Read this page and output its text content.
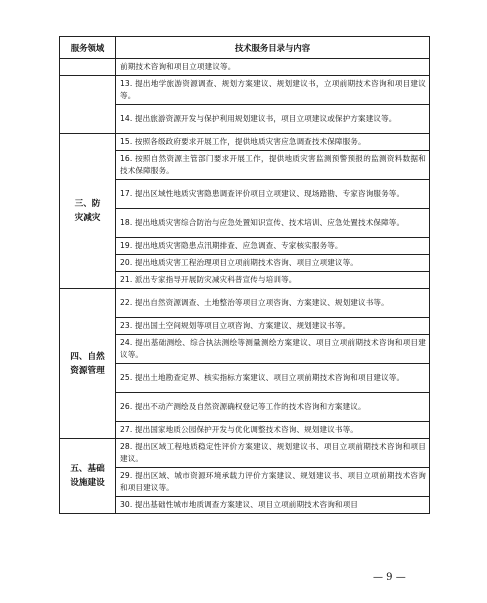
服务领域	技术服务目录与内容
	前期技术咨询和项目立项建议等。
	13. 提出地学旅游资源调查、规划方案建议、规划建议书，立项前期技术咨询和项目建议等。
	14. 提出旅游资源开发与保护利用规划建议书，项目立项建议或保护方案建议等。
三、防
灾减灾	15. 按照各级政府要求开展工作，提供地质灾害应急调查技术保障服务。
	16. 按照自然资源主管部门要求开展工作，提供地质灾害监测预警预报的监测资料数据和技术保障服务。
	17. 提出区域性地质灾害隐患调查评价项目立项建议、现场踏勘、专家咨询服务等。
	18. 提出地质灾害综合防治与应急处置知识宣传、技术培训、应急处置技术保障等。
	19. 提出地质灾害隐患点汛期排查、应急调查、专家核实服务等。
	20. 提出地质灾害工程治理项目立项前期技术咨询、项目立项建议等。
	21. 派出专家指导开展防灾减灾科普宣传与培训等。
四、自然
资源管理	22. 提出自然资源调查、土地整治等项目立项咨询、方案建议、规划建议书等。
	23. 提出国土空间规划等项目立项咨询、方案建议、规划建议书等。
	24. 提出基础测绘、综合执法测绘等测量测绘方案建议、项目立项前期技术咨询和项目建议等。
	25. 提出土地勘查定界、核实指标方案建议、项目立项前期技术咨询和项目建议等。
	26. 提出不动产测绘及自然资源确权登记等工作的技术咨询和方案建议。
	27. 提出国家地质公园保护开发与优化调整技术咨询、规划建议书等。
五、基础
设施建设	28. 提出区域工程地质稳定性评价方案建议、规划建议书、项目立项前期技术咨询和项目建议。
	29. 提出区域、城市资源环境承载力评价方案建议、规划建议书、项目立项前期技术咨询和项目建议等。
	30. 提出基础性城市地质调查方案建议、项目立项前期技术咨询和项目
— 9 —
